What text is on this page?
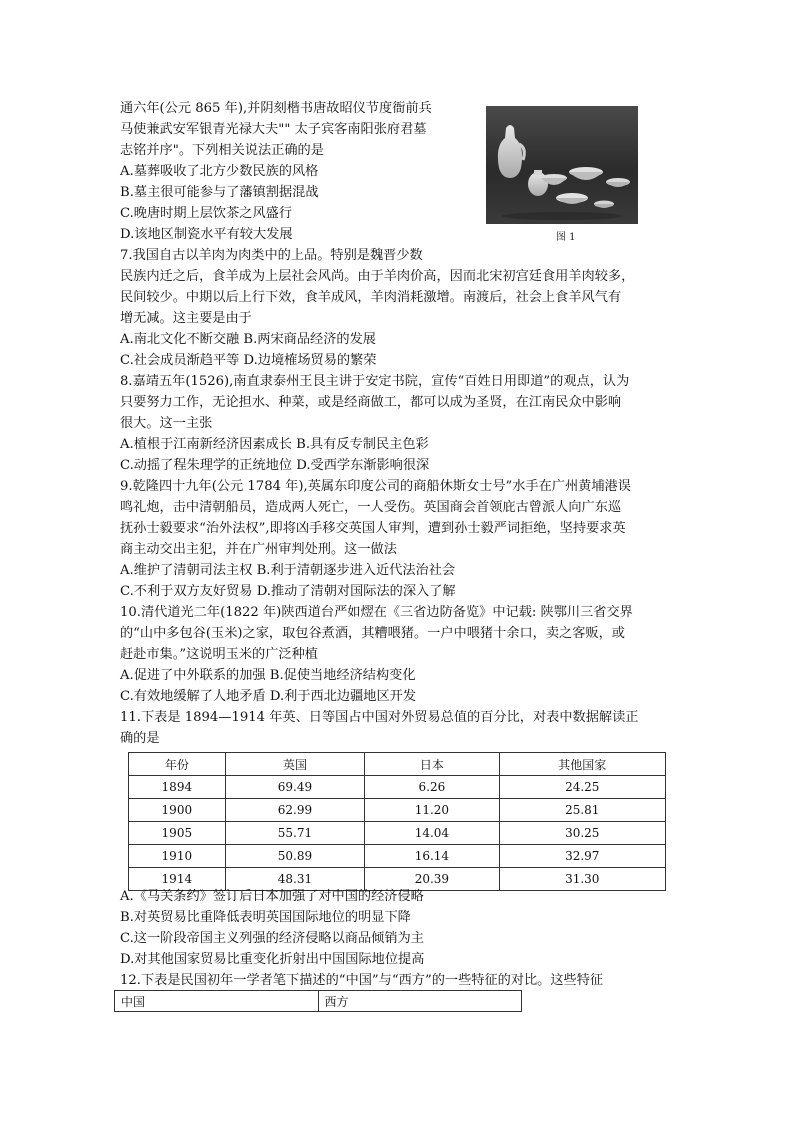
通六年(公元 865 年),并阴刻楷书唐故昭仪节度衙前兵
马使兼武安军银青光禄大夫"" 太子宾客南阳张府君墓
志铭并序"。下列相关说法正确的是
A.墓葬吸收了北方少数民族的风格
B.墓主很可能参与了藩镇割据混战
C.晚唐时期上层饮茶之风盛行
D.该地区制瓷水平有较大发展	图 1
7.我国自古以羊肉为肉类中的上品。特别是魏晋少数
民族内迁之后，食羊成为上层社会风尚。由于羊肉价高，因而北宋初宫廷食用羊肉较多，
民间较少。中期以后上行下效，食羊成风，羊肉消耗激增。南渡后，社会上食羊风气有
增无减。这主要是由于
A.南北文化不断交融 B.两宋商品经济的发展
C.社会成员渐趋平等 D.边境榷场贸易的繁荣
8.嘉靖五年(1526),南直隶泰州王艮主讲于安定书院，宣传“百姓日用即道”的观点，认为
只要努力工作，无论担水、种菜，或是经商做工，都可以成为圣贤，在江南民众中影响
很大。这一主张
A.植根于江南新经济因素成长 B.具有反专制民主色彩
C.动摇了程朱理学的正统地位 D.受西学东渐影响很深
9.乾隆四十九年(公元 1784 年),英属东印度公司的商船休斯女士号”水手在广州黄埔港误
鸣礼炮，击中清朝船员，造成两人死亡，一人受伤。英国商会首领庇古曾派人向广东巡
抚孙士毅要求“治外法权”,即将凶手移交英国人审判，遭到孙士毅严词拒绝，坚持要求英
商主动交出主犯，并在广州审判处刑。这一做法
A.维护了清朝司法主权 B.利于清朝逐步进入近代法治社会
C.不利于双方友好贸易 D.推动了清朝对国际法的深入了解
10.清代道光二年(1822 年)陕西道台严如熤在《三省边防备览》中记载: 陕鄂川三省交界
的“山中多包谷(玉米)之家，取包谷煮酒，其糟喂猪。一户中喂猪十余口，卖之客贩，或
赶赴市集。”这说明玉米的广泛种植
A.促进了中外联系的加强 B.促使当地经济结构变化
C.有效地缓解了人地矛盾 D.利于西北边疆地区开发
11.下表是 1894—1914 年英、日等国占中国对外贸易总值的百分比，对表中数据解读正
确的是
年份	英国	日本	其他国家
1894	69.49	6.26	24.25
1900	62.99	11.20	25.81
1905	55.71	14.04	30.25
1910	50.89	16.14	32.97
1914	48.31	20.39	31.30
A.《马关条约》签订后日本加强了对中国的经济侵略
B.对英贸易比重降低表明英国国际地位的明显下降
C.这一阶段帝国主义列强的经济侵略以商品倾销为主
D.对其他国家贸易比重变化折射出中国国际地位提高
12.下表是民国初年一学者笔下描述的“中国”与“西方”的一些特征的对比。这些特征
中国	西方
